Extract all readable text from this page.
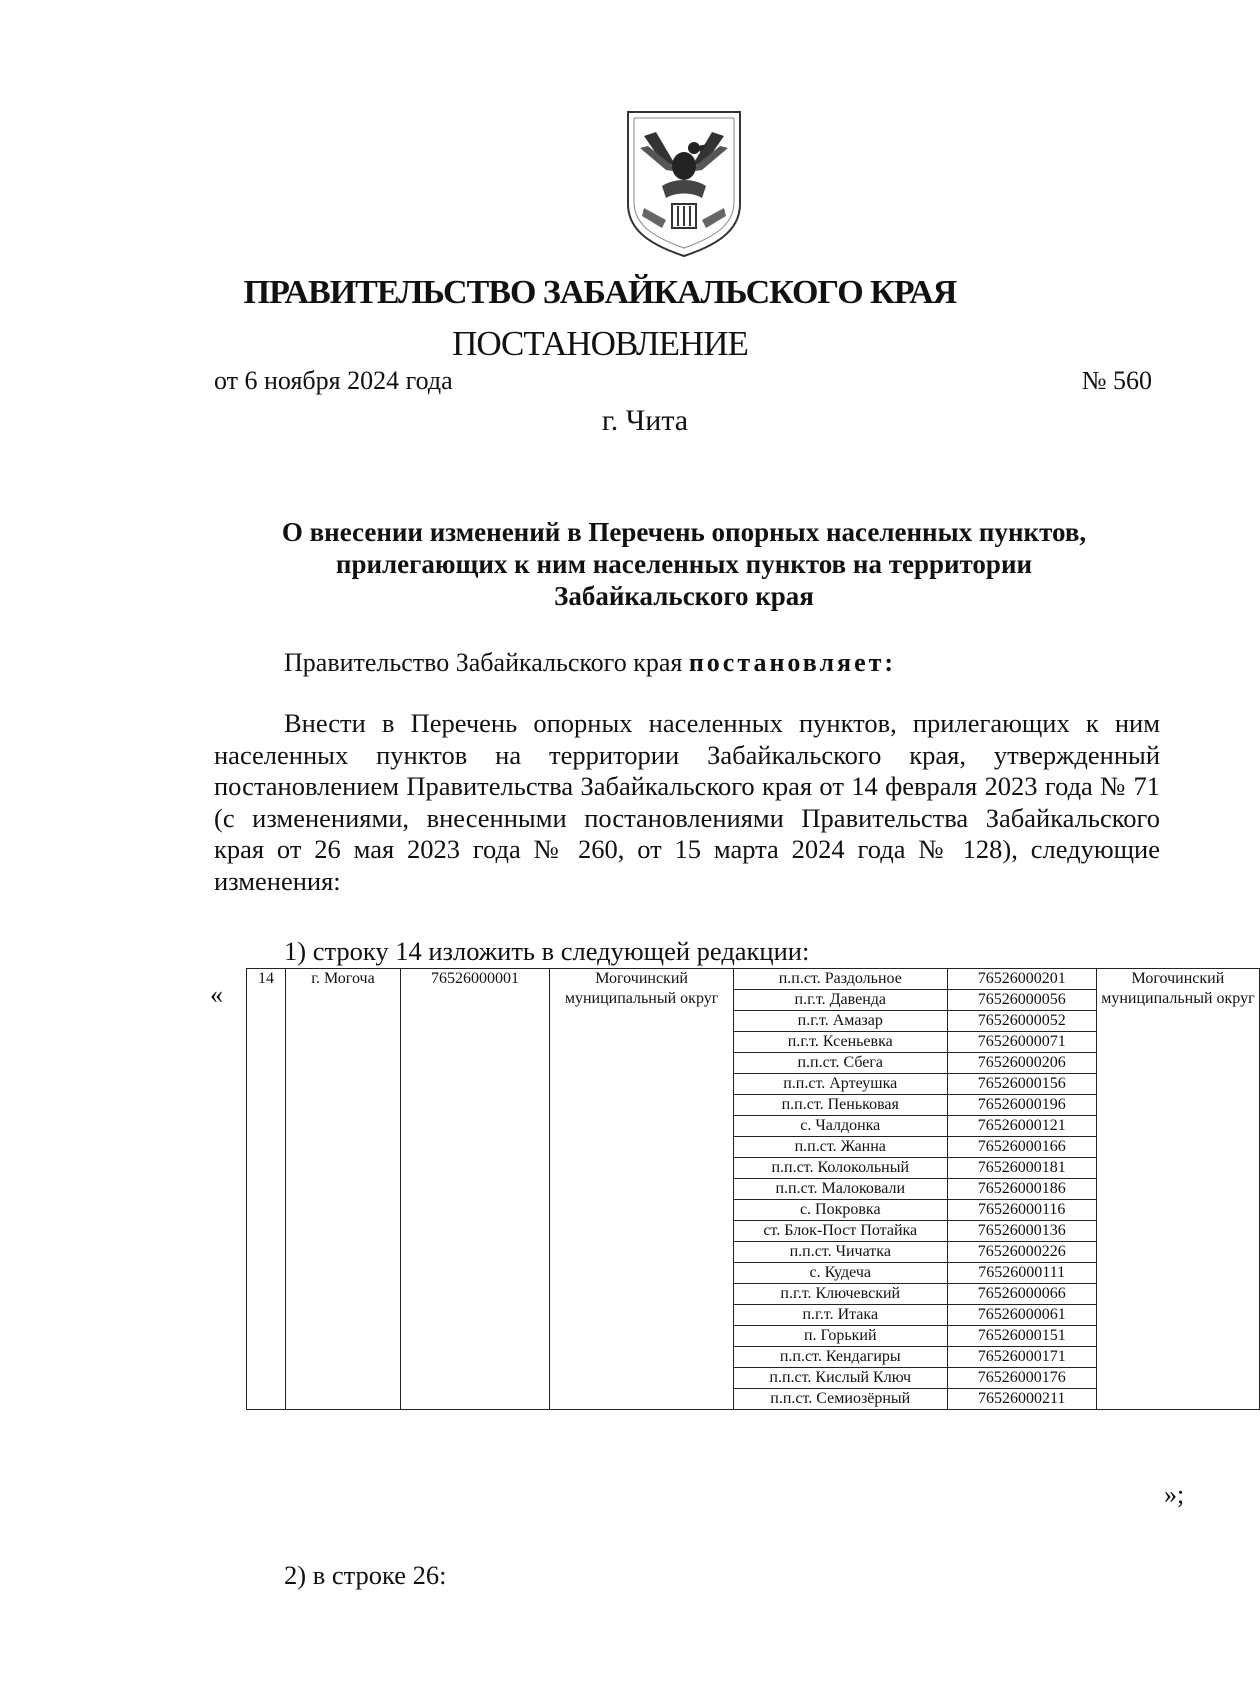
ПРАВИТЕЛЬСТВО ЗАБАЙКАЛЬСКОГО КРАЯ
ПОСТАНОВЛЕНИЕ
от 6 ноября 2024 года	№ 560
г. Чита
О внесении изменений в Перечень опорных населенных пунктов,
прилегающих к ним населенных пунктов на территории
Забайкальского края
Правительство Забайкальского края постановляет:

Внести в Перечень опорных населенных пунктов, прилегающих к ним населенных пунктов на территории Забайкальского края, утвержденный постановлением Правительства Забайкальского края от 14 февраля 2023 года № 71 (с изменениями, внесенными постановлениями Правительства Забайкальского края от 26 мая 2023 года № 260, от 15 марта 2024 года № 128), следующие изменения:

1) строку 14 изложить в следующей редакции:
«
14	г. Могоча	76526000001	Могочинский муниципальный округ	п.п.ст. Раздольное	76526000201	Могочинский муниципальный округ
				п.г.т. Давенда	76526000056	
				п.г.т. Амазар	76526000052	
				п.г.т. Ксеньевка	76526000071	
				п.п.ст. Сбега	76526000206	
				п.п.ст. Артеушка	76526000156	
				п.п.ст. Пеньковая	76526000196	
				с. Чалдонка	76526000121	
				п.п.ст. Жанна	76526000166	
				п.п.ст. Колокольный	76526000181	
				п.п.ст. Малоковали	76526000186	
				с. Покровка	76526000116	
				ст. Блок-Пост Потайка	76526000136	
				п.п.ст. Чичатка	76526000226	
				с. Кудеча	76526000111	
				п.г.т. Ключевский	76526000066	
				п.г.т. Итака	76526000061	
				п. Горький	76526000151	
				п.п.ст. Кендагиры	76526000171	
				п.п.ст. Кислый Ключ	76526000176	
				п.п.ст. Семиозёрный	76526000211	
»;
2) в строке 26:
